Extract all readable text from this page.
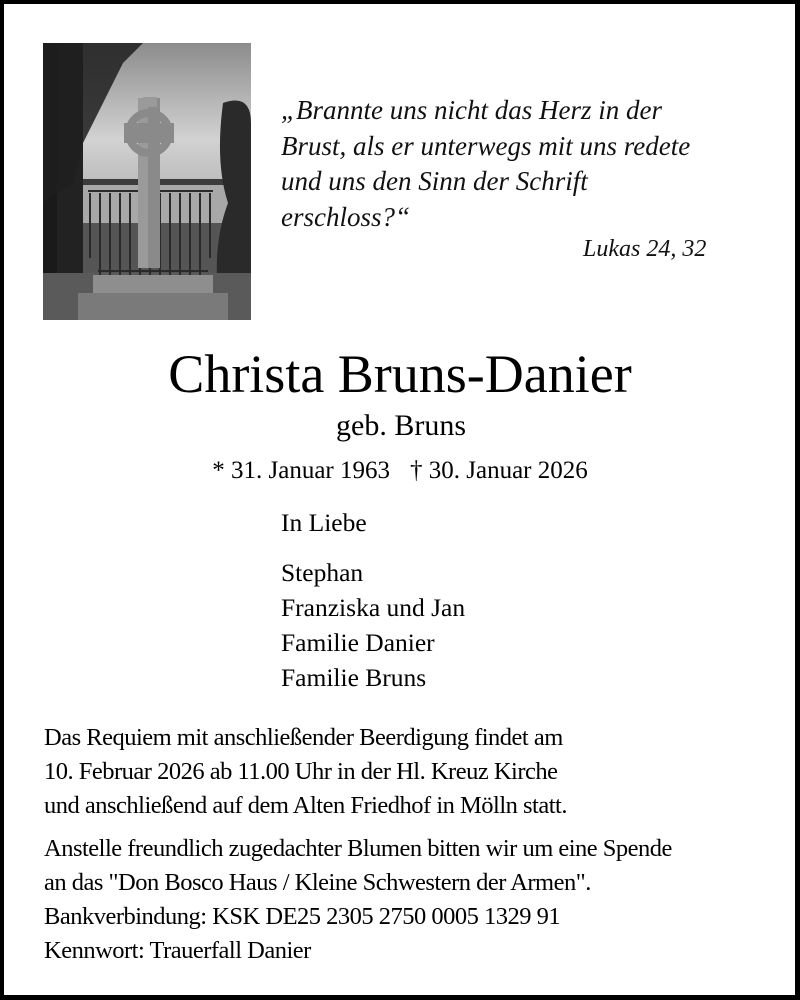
„Brannte uns nicht das Herz in der
Brust, als er unterwegs mit uns redete
und uns den Sinn der Schrift
erschloss?“
Lukas 24, 32
Christa Bruns-Danier
geb. Bruns
* 31. Januar 1963 † 30. Januar 2026
In Liebe
Stephan
Franziska und Jan
Familie Danier
Familie Bruns
Das Requiem mit anschließender Beerdigung findet am
10. Februar 2026 ab 11.00 Uhr in der Hl. Kreuz Kirche
und anschließend auf dem Alten Friedhof in Mölln statt.
Anstelle freundlich zugedachter Blumen bitten wir um eine Spende
an das "Don Bosco Haus / Kleine Schwestern der Armen".
Bankverbindung: KSK DE25 2305 2750 0005 1329 91
Kennwort: Trauerfall Danier
